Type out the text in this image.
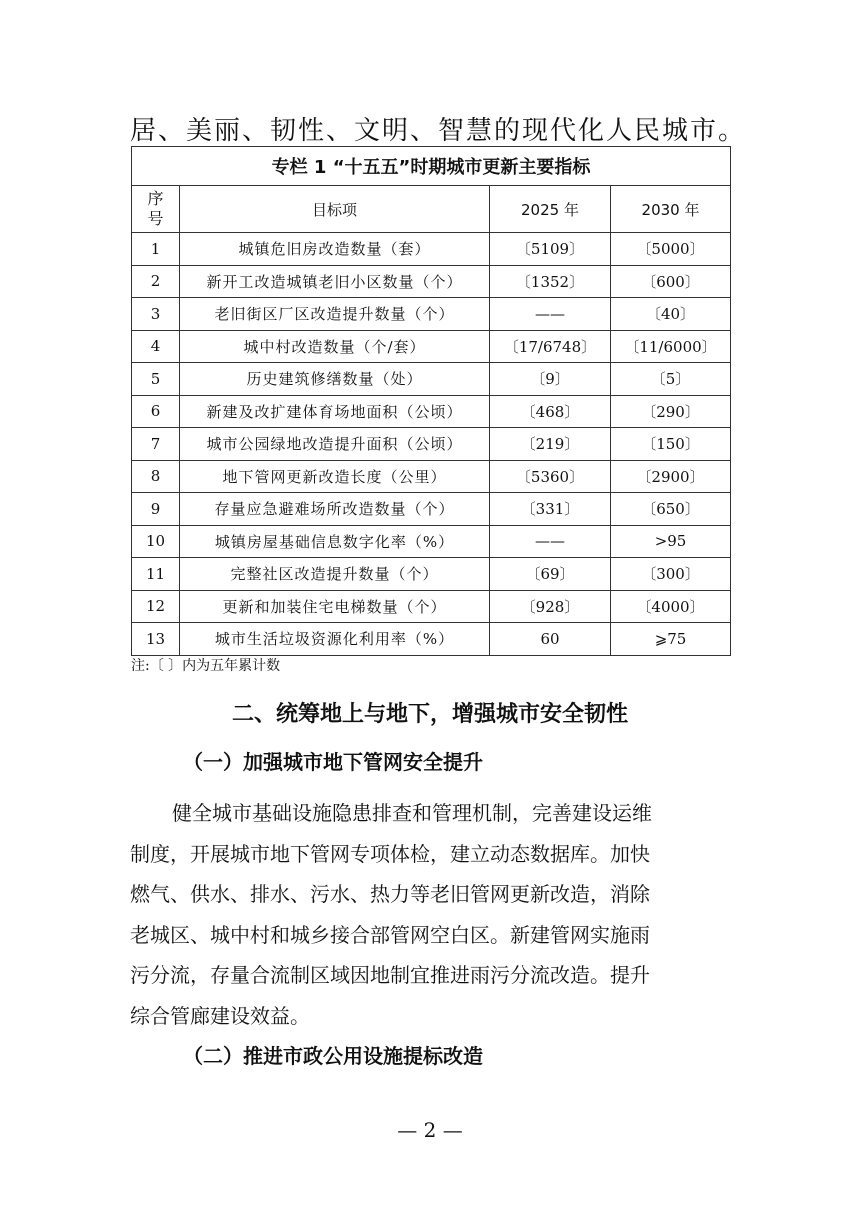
居、美丽、韧性、文明、智慧的现代化人民城市。
专栏 1 “十五五”时期城市更新主要指标			

序
号	目标项	2025 年	2030 年
1	城镇危旧房改造数量（套）	〔5109〕	〔5000〕
2	新开工改造城镇老旧小区数量（个）	〔1352〕	〔600〕
3	老旧街区厂区改造提升数量（个）	——	〔40〕
4	城中村改造数量（个/套）	〔17/6748〕	〔11/6000〕
5	历史建筑修缮数量（处）	〔9〕	〔5〕
6	新建及改扩建体育场地面积（公顷）	〔468〕	〔290〕
7	城市公园绿地改造提升面积（公顷）	〔219〕	〔150〕
8	地下管网更新改造长度（公里）	〔5360〕	〔2900〕
9	存量应急避难场所改造数量（个）	〔331〕	〔650〕
10	城镇房屋基础信息数字化率（%）	——	>95
11	完整社区改造提升数量（个）	〔69〕	〔300〕
12	更新和加装住宅电梯数量（个）	〔928〕	〔4000〕
13	城市生活垃圾资源化利用率（%）	60	⩾75
注:〔 〕内为五年累计数
二、统筹地上与地下，增强城市安全韧性
（一）加强城市地下管网安全提升
健全城市基础设施隐患排查和管理机制，完善建设运维
制度，开展城市地下管网专项体检，建立动态数据库。加快
燃气、供水、排水、污水、热力等老旧管网更新改造，消除
老城区、城中村和城乡接合部管网空白区。新建管网实施雨
污分流，存量合流制区域因地制宜推进雨污分流改造。提升
综合管廊建设效益。
（二）推进市政公用设施提标改造
— 2 —
